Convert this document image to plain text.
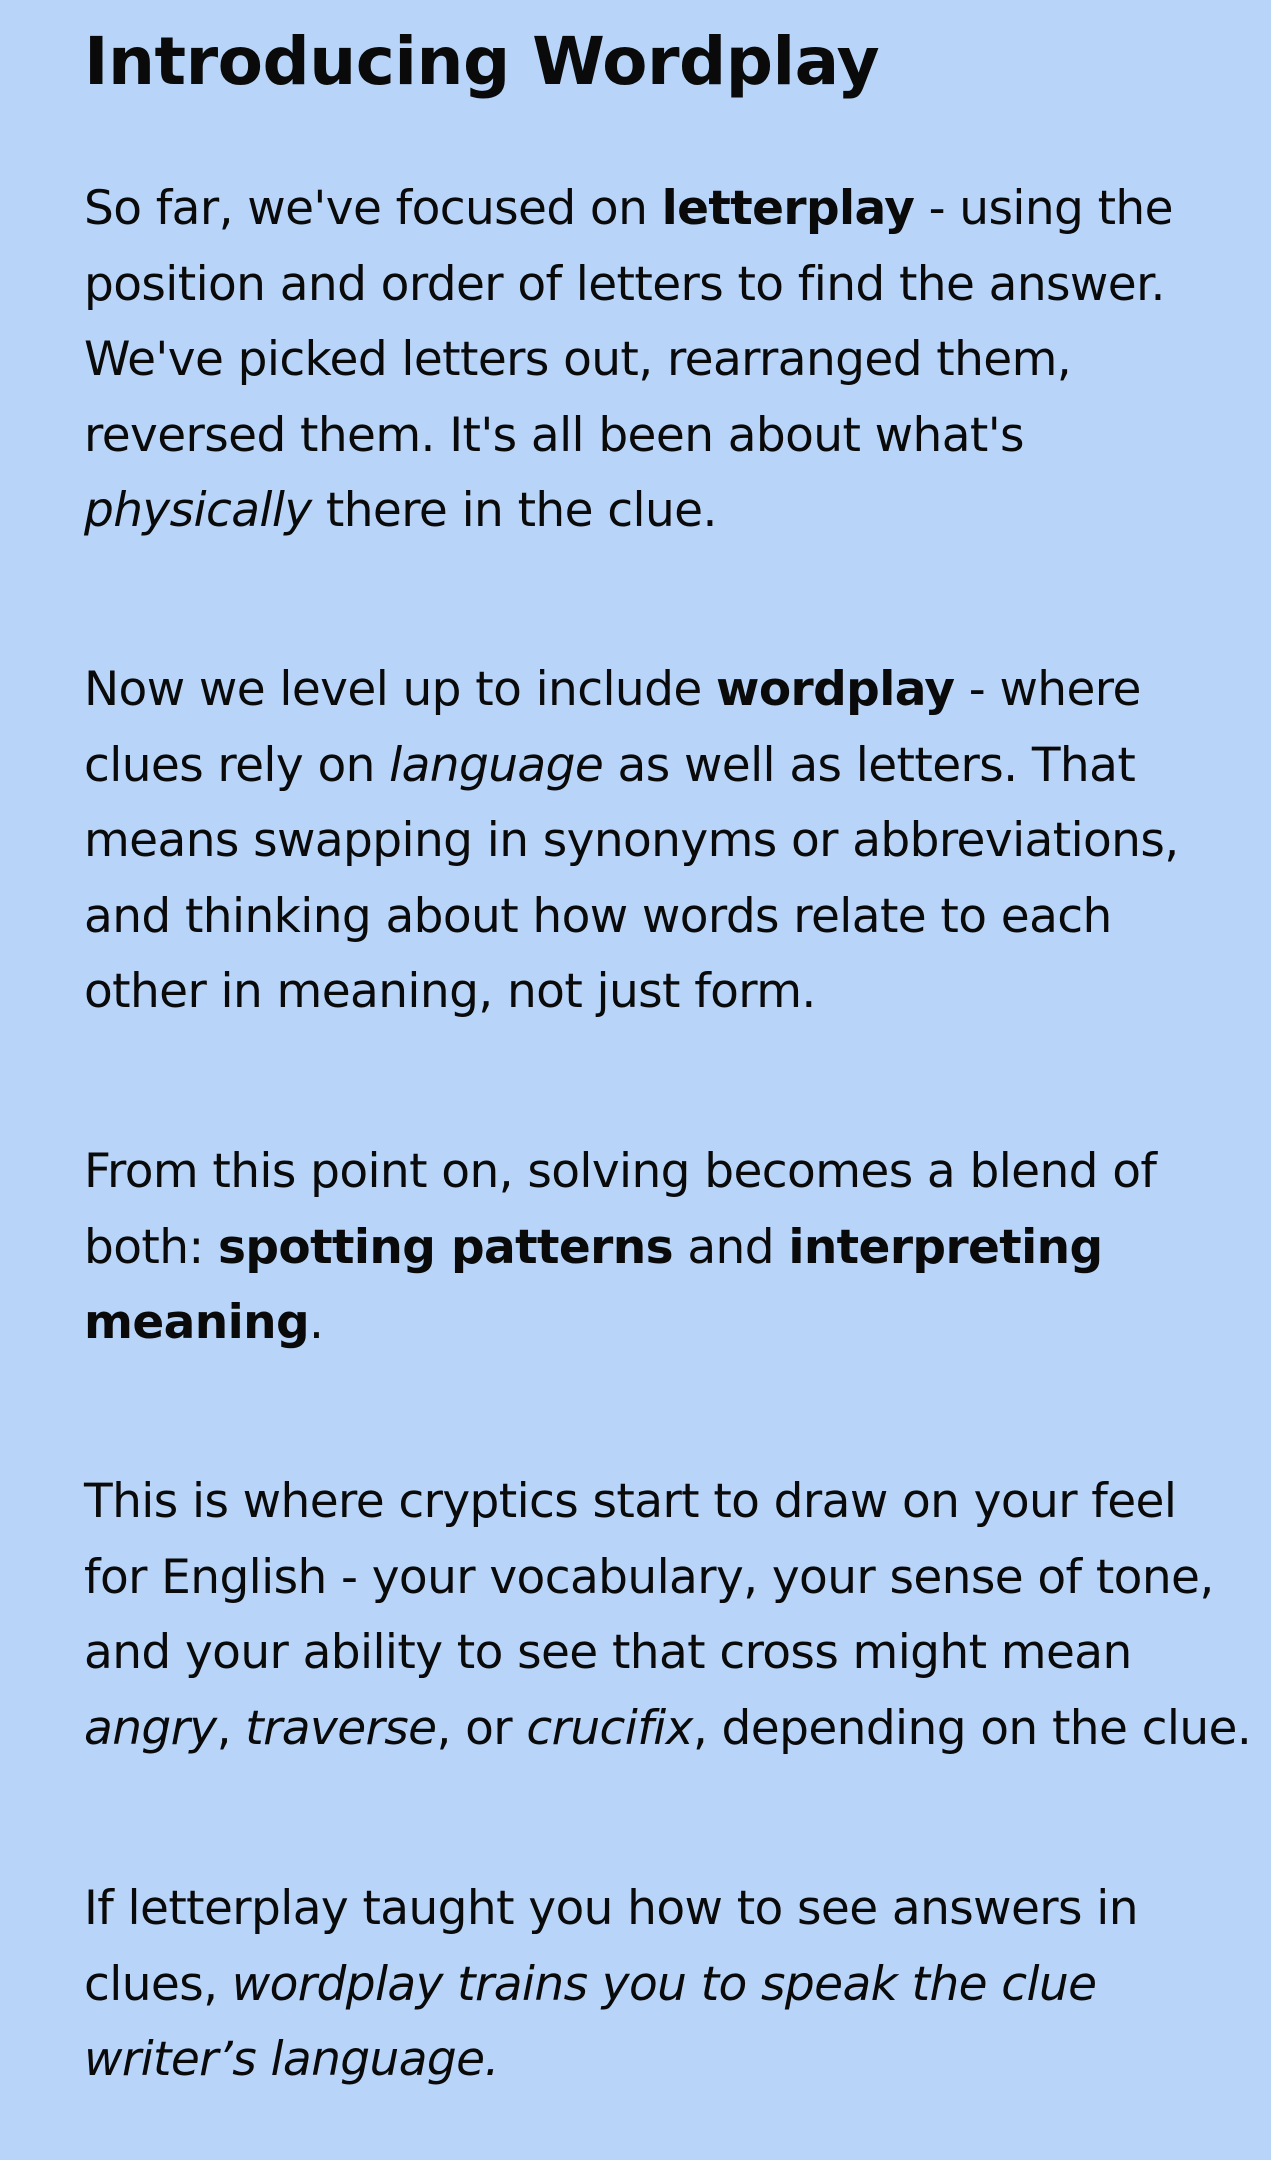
Introducing Wordplay

So far, we've focused on letterplay - using the
position and order of letters to find the answer.
We've picked letters out, rearranged them,
reversed them. It's all been about what's
physically there in the clue.

Now we level up to include wordplay - where
clues rely on language as well as letters. That
means swapping in synonyms or abbreviations,
and thinking about how words relate to each
other in meaning, not just form.

From this point on, solving becomes a blend of
both: spotting patterns and interpreting
meaning.

This is where cryptics start to draw on your feel
for English - your vocabulary, your sense of tone,
and your ability to see that cross might mean
angry, traverse, or crucifix, depending on the clue.

If letterplay taught you how to see answers in
clues, wordplay trains you to speak the clue
writer’s language.
